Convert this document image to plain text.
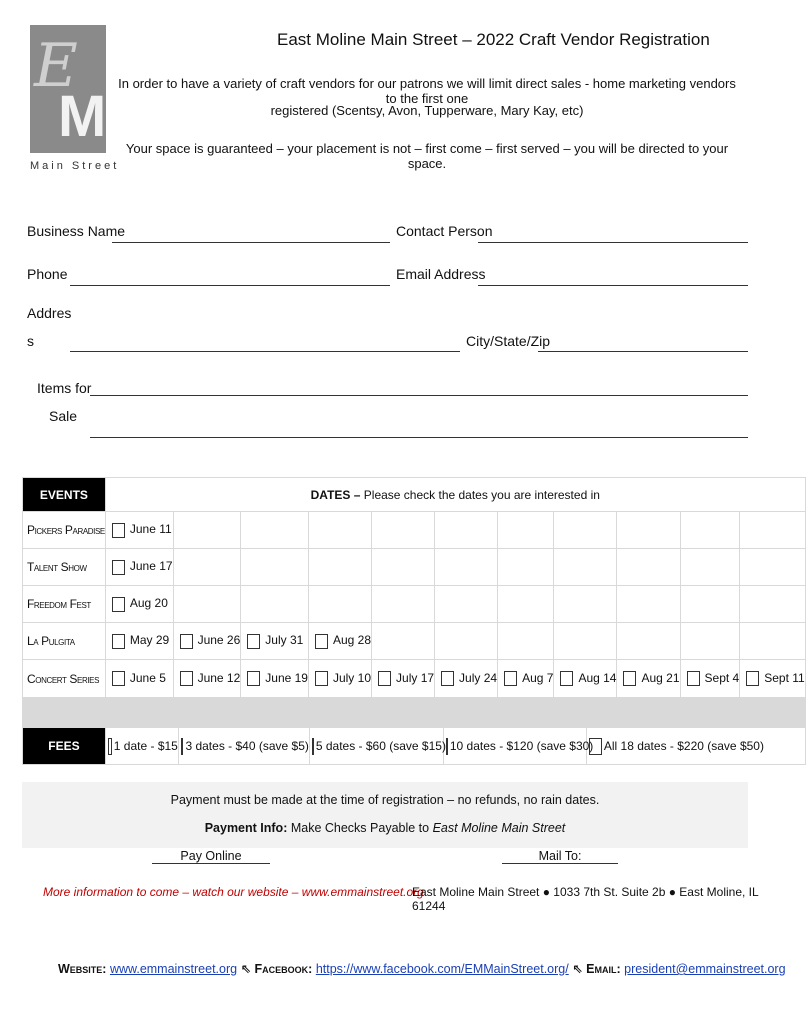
E
M
Main Street
East Moline Main Street – 2022 Craft Vendor Registration
In order to have a variety of craft vendors for our patrons we will limit direct sales - home marketing vendors to the first one
registered (Scentsy, Avon, Tupperware, Mary Kay, etc)
Your space is guaranteed – your placement is not – first come – first served – you will be directed to your space.
Business Name	Contact Person
Phone	Email Address
Addres
s	City/State/Zip
Items for
Sale
EVENTS	DATES – Please check the dates you are interested in										
Pickers Paradise	June 11										
Talent Show	June 17										
Freedom Fest	Aug 20										
La Pulgita	May 29	June 26	July 31	Aug 28							
Concert Series	June 5	June 12	June 19	July 10	July 17	July 24	Aug 7	Aug 14	Aug 21	Sept 4	Sept 11

FEES	1 date - $15 3 dates - $40 (save $5) 5 dates - $60 (save $15) 10 dates - $120 (save $30) All 18 dates - $220 (save $50)										
Payment must be made at the time of registration – no refunds, no rain dates.
Payment Info: Make Checks Payable to East Moline Main Street
Pay Online	Mail To:
More information to come – watch our website – www.emmainstreet.org
East Moline Main Street ● 1033 7th St. Suite 2b ● East Moline, IL 61244
Website: www.emmainstreet.org ⇖ Facebook: https://www.facebook.com/EMMainStreet.org/ ⇖ Email: president@emmainstreet.org
